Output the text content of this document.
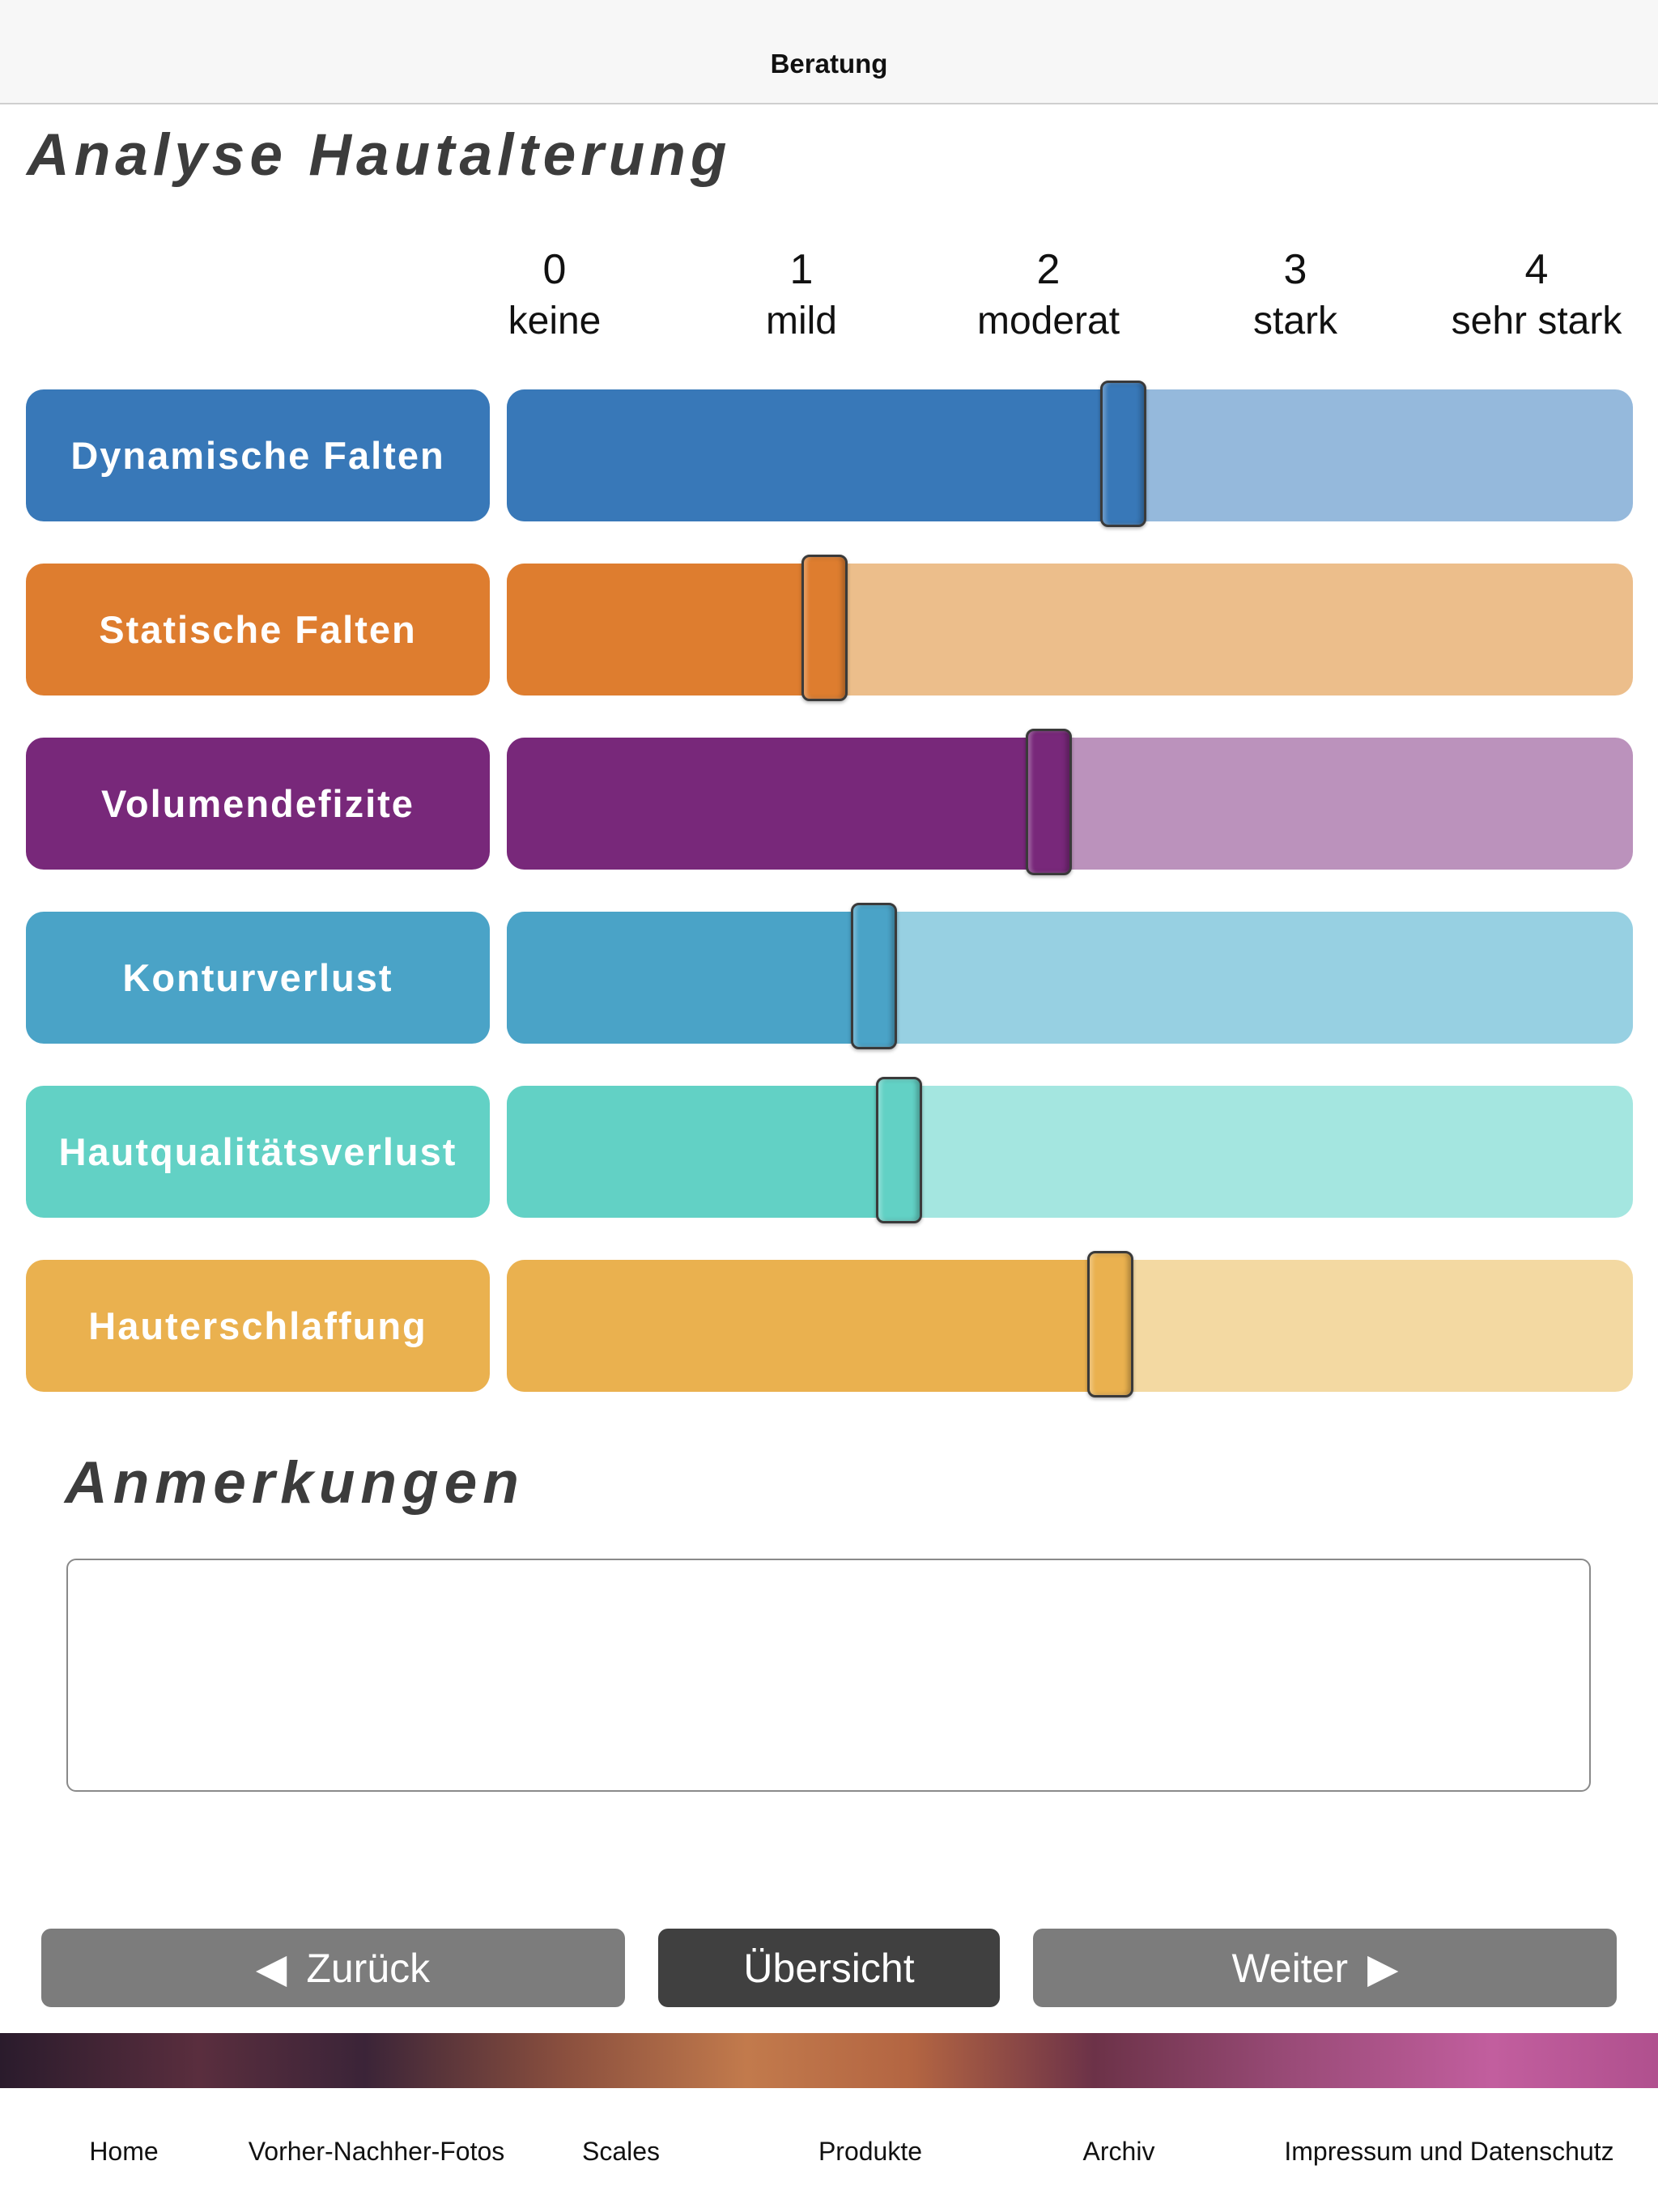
Beratung
Analyse Hautalterung
0
keine
1
mild
2
moderat
3
stark
4
sehr stark
Dynamische Falten
Statische Falten
Volumendefizite
Konturverlust
Hautqualitätsverlust
Hauterschlaffung
Anmerkungen
◀ Zurück	Übersicht	Weiter ▶
Home	Vorher-Nachher-Fotos	Scales	Produkte	Archiv	Impressum und Datenschutz
